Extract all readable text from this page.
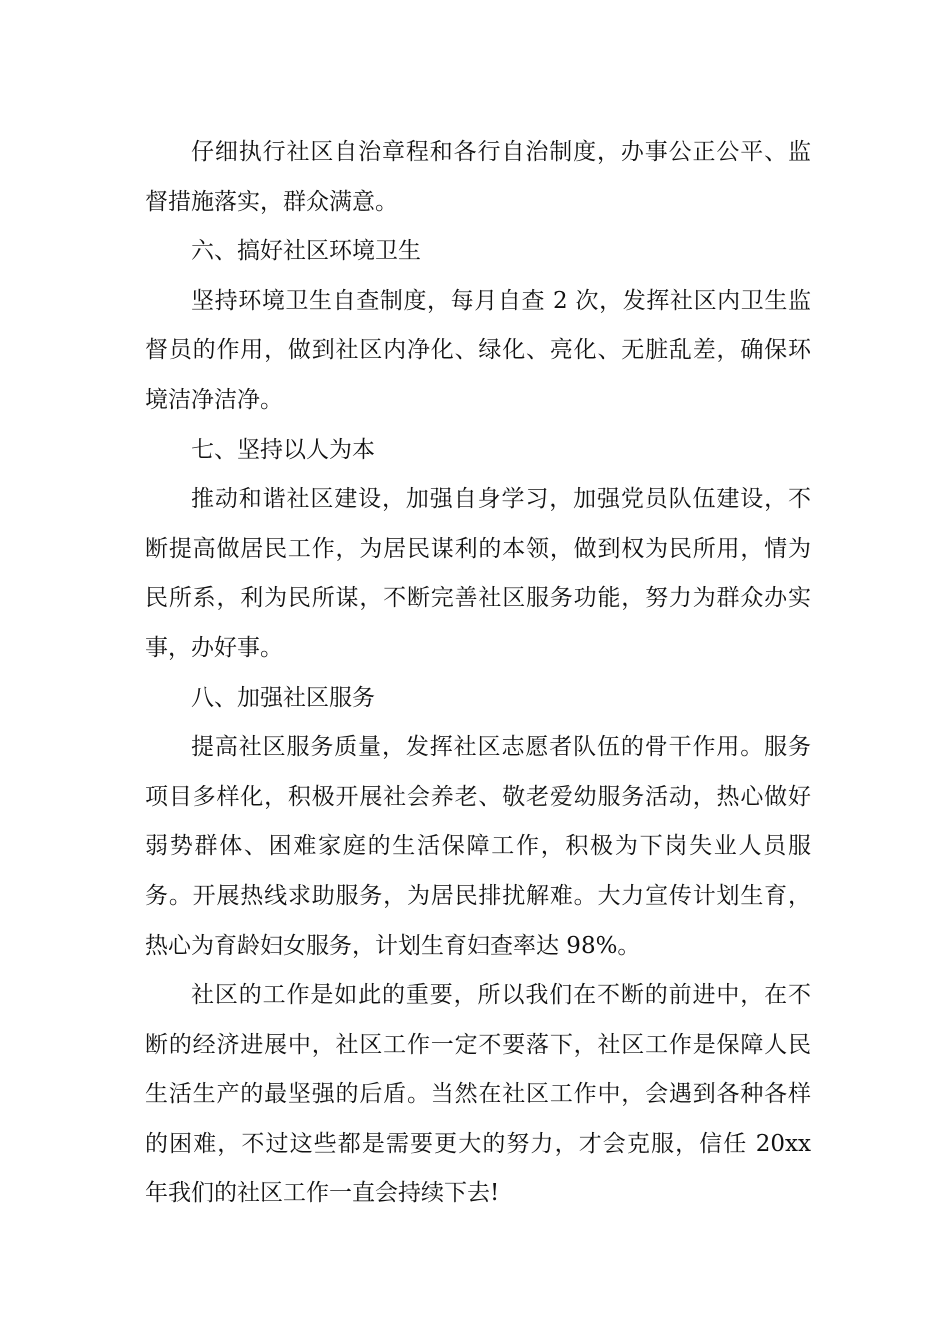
仔细执行社区自治章程和各行自治制度，办事公正公平、监督措施落实，群众满意。

六、搞好社区环境卫生

坚持环境卫生自查制度，每月自查 2 次，发挥社区内卫生监督员的作用，做到社区内净化、绿化、亮化、无脏乱差，确保环境洁净洁净。

七、坚持以人为本

推动和谐社区建设，加强自身学习，加强党员队伍建设，不断提高做居民工作，为居民谋利的本领，做到权为民所用，情为民所系，利为民所谋，不断完善社区服务功能，努力为群众办实事，办好事。

八、加强社区服务

提高社区服务质量，发挥社区志愿者队伍的骨干作用。服务项目多样化，积极开展社会养老、敬老爱幼服务活动，热心做好弱势群体、困难家庭的生活保障工作，积极为下岗失业人员服务。开展热线求助服务，为居民排扰解难。大力宣传计划生育，热心为育龄妇女服务，计划生育妇查率达 98%。

社区的工作是如此的重要，所以我们在不断的前进中，在不断的经济进展中，社区工作一定不要落下，社区工作是保障人民生活生产的最坚强的后盾。当然在社区工作中，会遇到各种各样的困难，不过这些都是需要更大的努力，才会克服，信任 20xx 年我们的社区工作一直会持续下去!
